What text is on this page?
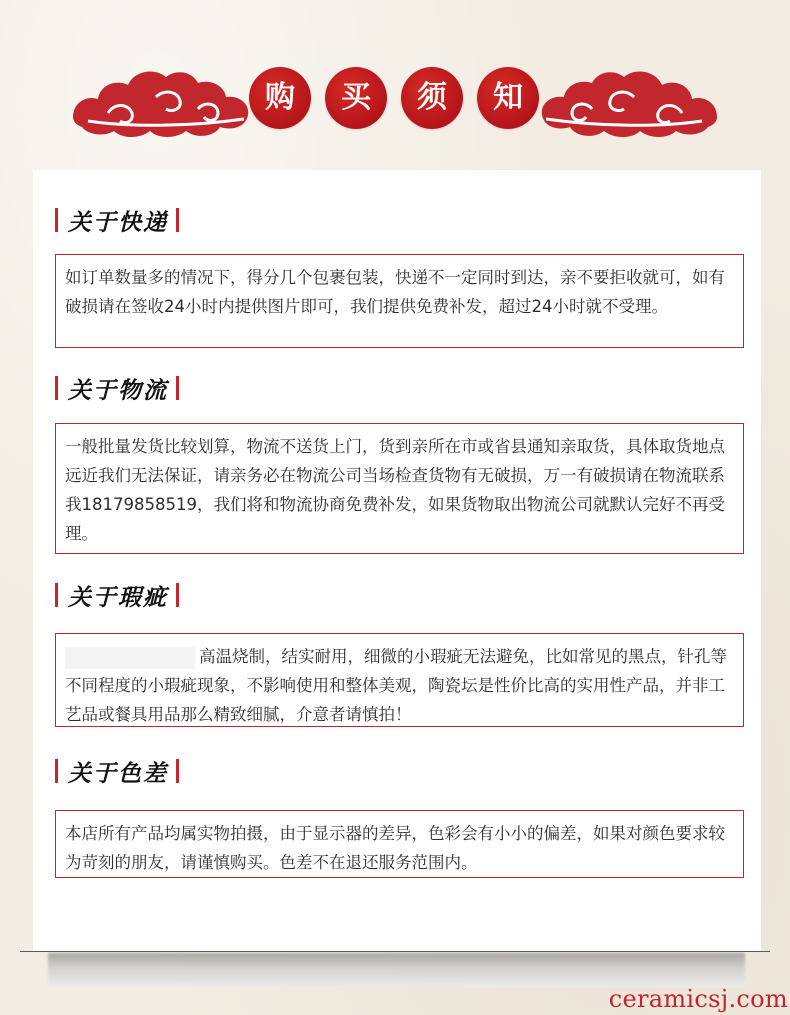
购	买	须	知
关于快递
如订单数量多的情况下，得分几个包裹包装，快递不一定同时到达，亲不要拒收就可，如有破损请在签收24小时内提供图片即可，我们提供免费补发，超过24小时就不受理。
关于物流
一般批量发货比较划算，物流不送货上门，货到亲所在市或省县通知亲取货，具体取货地点远近我们无法保证，请亲务必在物流公司当场检查货物有无破损，万一有破损请在物流联系我18179858519，我们将和物流协商免费补发，如果货物取出物流公司就默认完好不再受理。
关于瑕疵
高温烧制，结实耐用，细微的小瑕疵无法避免，比如常见的黑点，针孔等不同程度的小瑕疵现象，不影响使用和整体美观，陶瓷坛是性价比高的实用性产品，并非工艺品或餐具用品那么精致细腻，介意者请慎拍！
关于色差
本店所有产品均属实物拍摄，由于显示器的差异，色彩会有小小的偏差，如果对颜色要求较为苛刻的朋友，请谨慎购买。色差不在退还服务范围内。
ceramicsj.com
